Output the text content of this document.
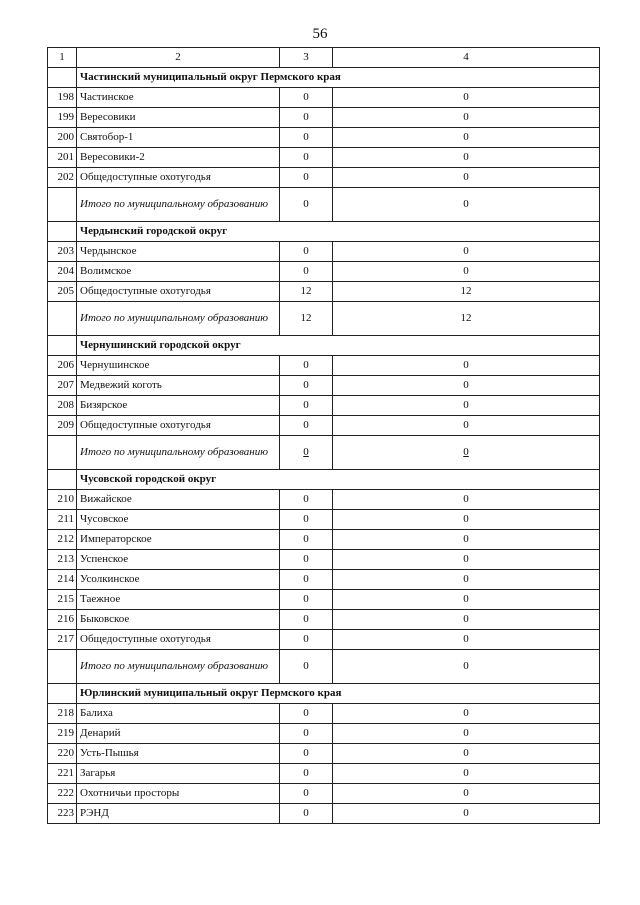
56
1	2	3	4
	Частинский муниципальный округ Пермского края		
198	Частинское	0	0
199	Вересовики	0	0
200	Святобор-1	0	0
201	Вересовики-2	0	0
202	Общедоступные охотугодья	0	0
	Итого по муниципальному образованию	0	0
	Чердынский городской округ		
203	Чердынское	0	0
204	Волимское	0	0
205	Общедоступные охотугодья	12	12
	Итого по муниципальному образованию	12	12
	Чернушинский городской округ		
206	Чернушинское	0	0
207	Медвежий коготь	0	0
208	Бизярское	0	0
209	Общедоступные охотугодья	0	0
	Итого по муниципальному образованию	0	0
	Чусовской городской округ		
210	Вижайское	0	0
211	Чусовское	0	0
212	Императорское	0	0
213	Успенское	0	0
214	Усолкинское	0	0
215	Таежное	0	0
216	Быковское	0	0
217	Общедоступные охотугодья	0	0
	Итого по муниципальному образованию	0	0
	Юрлинский муниципальный округ Пермского края		
218	Балиха	0	0
219	Денарий	0	0
220	Усть-Пышья	0	0
221	Загарья	0	0
222	Охотничьи просторы	0	0
223	РЭНД	0	0
